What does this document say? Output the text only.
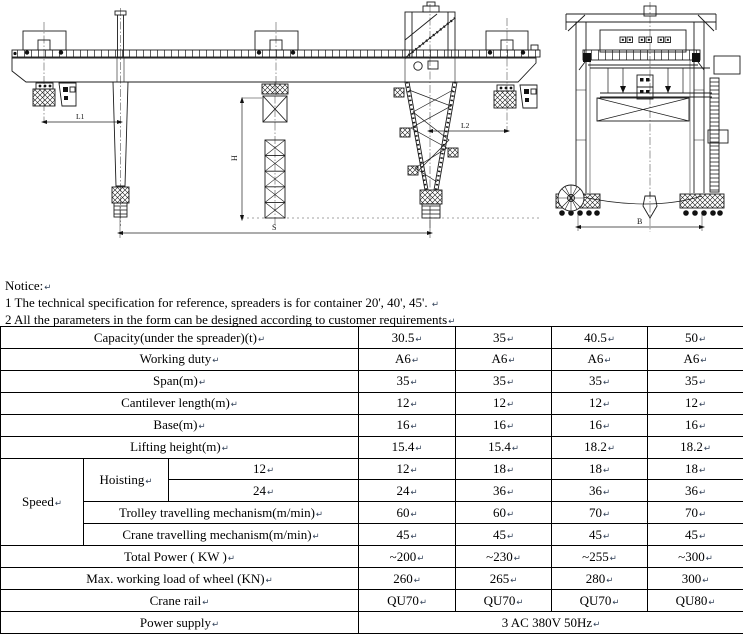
L1
L2
H
S
B

Notice:↵

1 The technical specification for reference, spreaders is for container 20', 40', 45'. ↵

2 All the parameters in the form can be designed according to customer requirements↵

Capacity(under the spreader)(t)↵			30.5↵	35↵	40.5↵	50↵
Working duty↵			A6↵	A6↵	A6↵	A6↵
Span(m)↵			35↵	35↵	35↵	35↵
Cantilever length(m)↵			12↵	12↵	12↵	12↵
Base(m)↵			16↵	16↵	16↵	16↵
Lifting height(m)↵			15.4↵	15.4↵	18.2↵	18.2↵
Speed↵	Hoisting↵	12↵	12↵	18↵	18↵	18↵
		24↵	24↵	36↵	36↵	36↵
	Trolley travelling mechanism(m/min)↵		60↵	60↵	70↵	70↵
	Crane travelling mechanism(m/min)↵		45↵	45↵	45↵	45↵
Total Power ( KW )↵			~200↵	~230↵	~255↵	~300↵
Max. working load of wheel (KN)↵			260↵	265↵	280↵	300↵
Crane rail↵			QU70↵	QU70↵	QU70↵	QU80↵
Power supply↵			3 AC 380V 50Hz↵			
